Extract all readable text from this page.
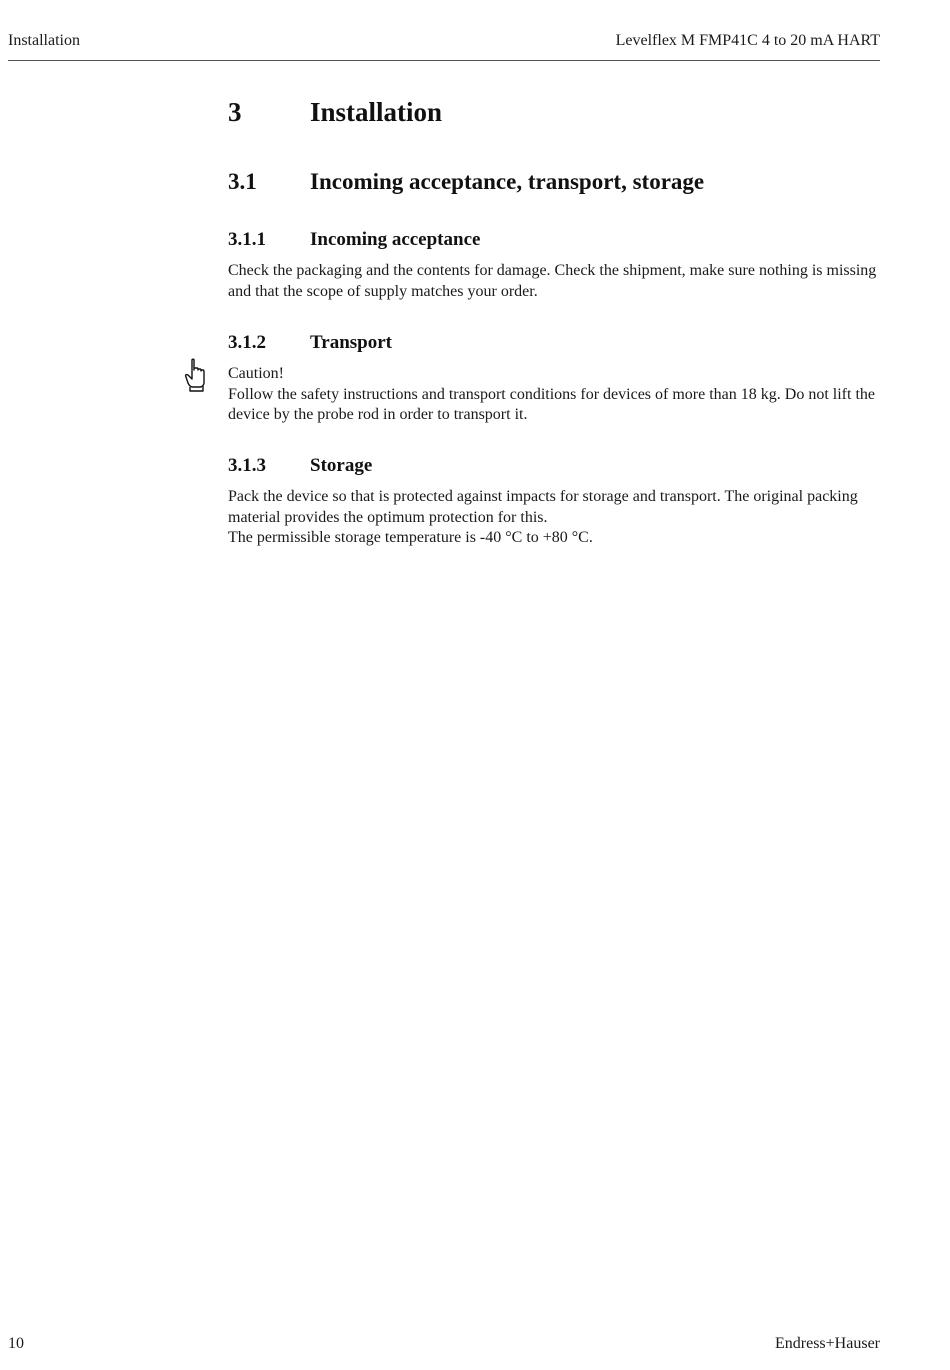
Installation	Levelflex M FMP41C 4 to 20 mA HART
3	Installation
3.1 Incoming acceptance, transport, storage
3.1.1 Incoming acceptance
Check the packaging and the contents for damage. Check the shipment, make sure nothing is missing and that the scope of supply matches your order.
3.1.2 Transport
Caution!
Follow the safety instructions and transport conditions for devices of more than 18 kg. Do not lift the device by the probe rod in order to transport it.
3.1.3 Storage
Pack the device so that is protected against impacts for storage and transport. The original packing material provides the optimum protection for this.
The permissible storage temperature is -40 °C to +80 °C.
10	Endress+Hauser
